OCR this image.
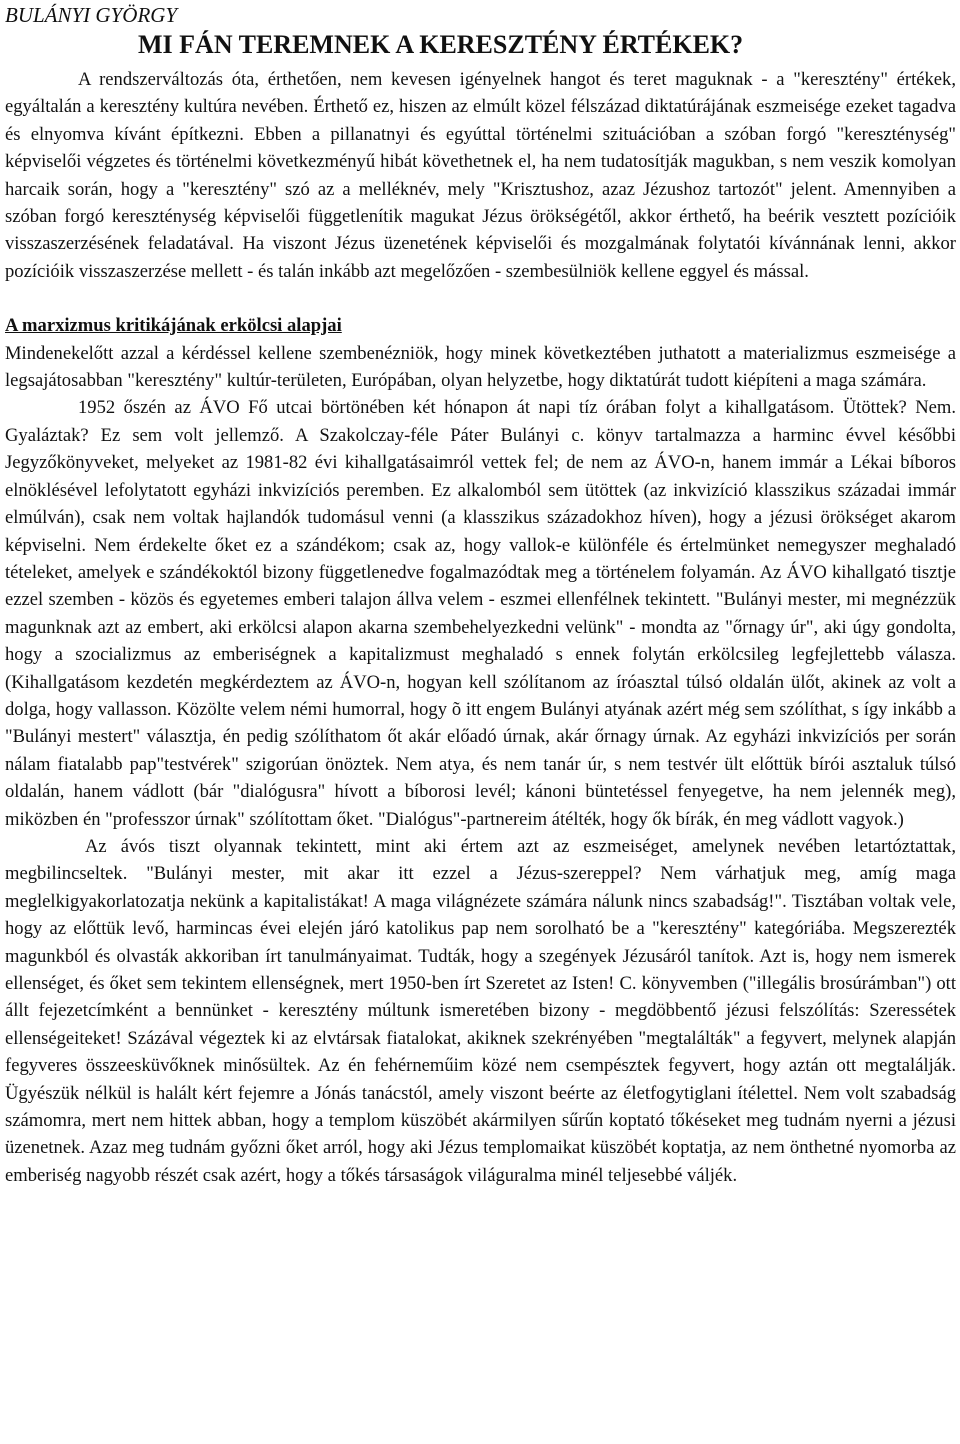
BULÁNYI GYÖRGY
MI FÁN TEREMNEK A KERESZTÉNY ÉRTÉKEK?

A rendszerváltozás óta, érthetően, nem kevesen igényelnek hangot és teret maguknak - a "keresztény" értékek, egyáltalán a keresztény kultúra nevében. Érthető ez, hiszen az elmúlt közel félszázad diktatúrájának eszmeisége ezeket tagadva és elnyomva kívánt építkezni. Ebben a pillanatnyi és egyúttal történelmi szituációban a szóban forgó "kereszténység" képviselői végzetes és történelmi következményű hibát követhetnek el, ha nem tudatosítják magukban, s nem veszik komolyan harcaik során, hogy a "keresztény" szó az a melléknév, mely "Krisztushoz, azaz Jézushoz tartozót" jelent. Amennyiben a szóban forgó kereszténység képviselői függetlenítik magukat Jézus örökségétől, akkor érthető, ha beérik vesztett pozícióik visszaszerzésének feladatával. Ha viszont Jézus üzenetének képviselői és mozgalmának folytatói kívánnának lenni, akkor pozícióik visszaszerzése mellett - és talán inkább azt megelőzően - szembesülniök kellene eggyel és mással.

A marxizmus kritikájának erkölcsi alapjai

Mindenekelőtt azzal a kérdéssel kellene szembenézniök, hogy minek következtében juthatott a materializmus eszmeisége a legsajátosabban "keresztény" kultúr-területen, Európában, olyan helyzetbe, hogy diktatúrát tudott kiépíteni a maga számára.

1952 őszén az ÁVO Fő utcai börtönében két hónapon át napi tíz órában folyt a kihallgatásom. Ütöttek? Nem. Gyaláztak? Ez sem volt jellemző. A Szakolczay-féle Páter Bulányi c. könyv tartalmazza a harminc évvel későbbi Jegyzőkönyveket, melyeket az 1981-82 évi kihallgatásaimról vettek fel; de nem az ÁVO-n, hanem immár a Lékai bíboros elnöklésével lefolytatott egyházi inkvizíciós peremben. Ez alkalomból sem ütöttek (az inkvizíció klasszikus századai immár elmúlván), csak nem voltak hajlandók tudomásul venni (a klasszikus századokhoz híven), hogy a jézusi örökséget akarom képviselni. Nem érdekelte őket ez a szándékom; csak az, hogy vallok-e különféle és értelmünket nemegyszer meghaladó tételeket, amelyek e szándékoktól bizony függetlenedve fogalmazódtak meg a történelem folyamán. Az ÁVO kihallgató tisztje ezzel szemben - közös és egyetemes emberi talajon állva velem - eszmei ellenfélnek tekintett. "Bulányi mester, mi megnézzük magunknak azt az embert, aki erkölcsi alapon akarna szembehelyezkedni velünk" - mondta az "őrnagy úr", aki úgy gondolta, hogy a szocializmus az emberiségnek a kapitalizmust meghaladó s ennek folytán erkölcsileg legfejlettebb válasza. (Kihallgatásom kezdetén megkérdeztem az ÁVO-n, hogyan kell szólítanom az íróasztal túlsó oldalán ülőt, akinek az volt a dolga, hogy vallasson. Közölte velem némi humorral, hogy õ itt engem Bulányi atyának azért még sem szólíthat, s így inkább a "Bulányi mestert" választja, én pedig szólíthatom őt akár előadó úrnak, akár őrnagy úrnak. Az egyházi inkvizíciós per során nálam fiatalabb pap"testvérek" szigorúan önöztek. Nem atya, és nem tanár úr, s nem testvér ült előttük bírói asztaluk túlsó oldalán, hanem vádlott (bár "dialógusra" hívott a bíborosi levél; kánoni büntetéssel fenyegetve, ha nem jelennék meg), miközben én "professzor úrnak" szólítottam őket. "Dialógus"-partnereim átélték, hogy ők bírák, én meg vádlott vagyok.)

Az ávós tiszt olyannak tekintett, mint aki értem azt az eszmeiséget, amelynek nevében letartóztattak, megbilincseltek. "Bulányi mester, mit akar itt ezzel a Jézus-szereppel? Nem várhatjuk meg, amíg maga meglelkigyakorlatozatja nekünk a kapitalistákat! A maga világnézete számára nálunk nincs szabadság!". Tisztában voltak vele, hogy az előttük levő, harmincas évei elején járó katolikus pap nem sorolható be a "keresztény" kategóriába. Megszerezték magunkból és olvasták akkoriban írt tanulmányaimat. Tudták, hogy a szegények Jézusáról tanítok. Azt is, hogy nem ismerek ellenséget, és őket sem tekintem ellenségnek, mert 1950-ben írt Szeretet az Isten! C. könyvemben ("illegális brosúrámban") ott állt fejezetcímként a bennünket - keresztény múltunk ismeretében bizony - megdöbbentő jézusi felszólítás: Szeressétek ellenségeiteket! Százával végeztek ki az elvtársak fiatalokat, akiknek szekrényében "megtalálták" a fegyvert, melynek alapján fegyveres összeesküvőknek minősültek. Az én fehérneműim közé nem csempésztek fegyvert, hogy aztán ott megtalálják. Ügyészük nélkül is halált kért fejemre a Jónás tanácstól, amely viszont beérte az életfogytiglani ítélettel. Nem volt szabadság számomra, mert nem hittek abban, hogy a templom küszöbét akármilyen sűrűn koptató tőkéseket meg tudnám nyerni a jézusi üzenetnek. Azaz meg tudnám győzni őket arról, hogy aki Jézus templomaikat küszöbét koptatja, az nem önthetné nyomorba az emberiség nagyobb részét csak azért, hogy a tőkés társaságok világuralma minél teljesebbé váljék.
